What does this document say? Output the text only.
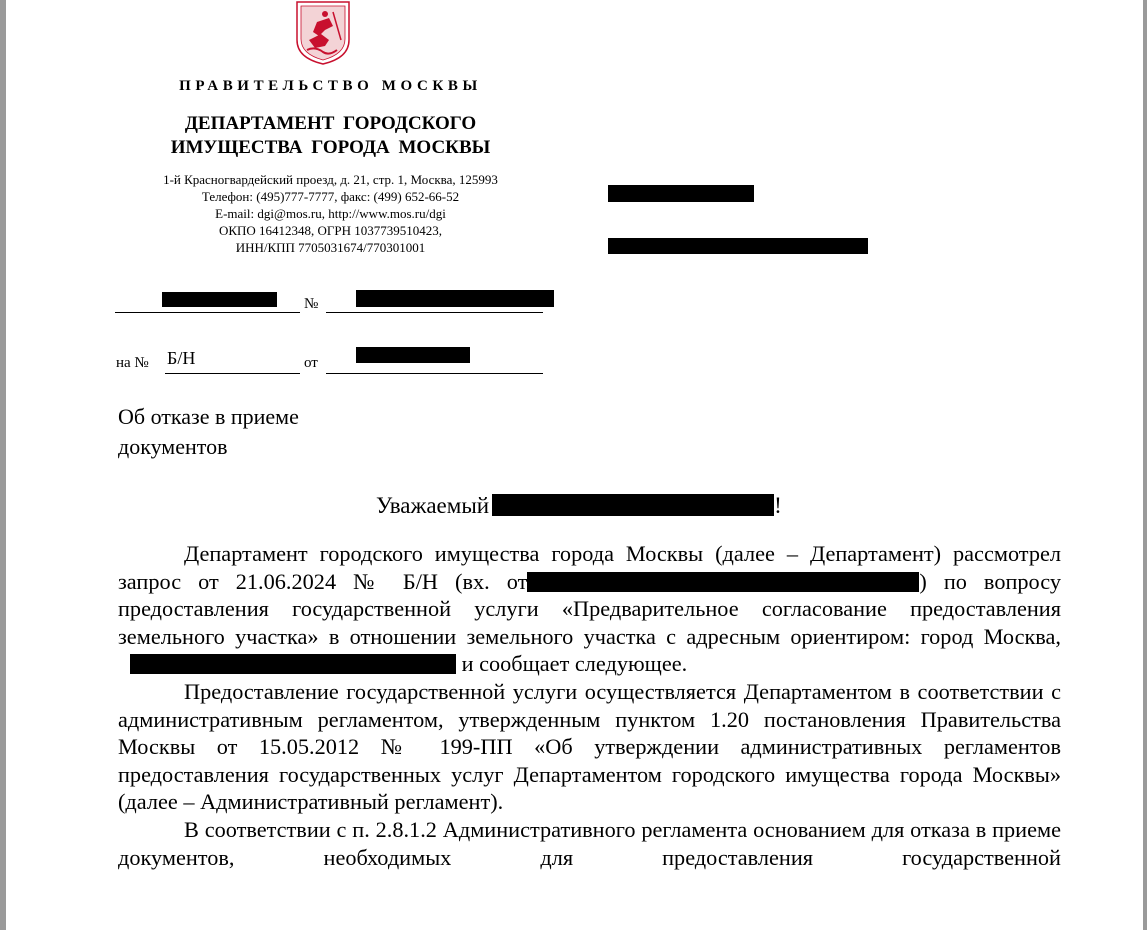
ПРАВИТЕЛЬСТВО МОСКВЫ
ДЕПАРТАМЕНТ ГОРОДСКОГО
ИМУЩЕСТВА ГОРОДА МОСКВЫ
1-й Красногвардейский проезд, д. 21, стр. 1, Москва, 125993
Телефон: (495)777-7777, факс: (499) 652-66-52
E-mail: dgi@mos.ru, http://www.mos.ru/dgi
ОКПО 16412348, ОГРН 1037739510423,
ИНН/КПП 7705031674/770301001
№
на № Б/Н	от
Об отказе в приеме
документов
Уважаемый	!

Департамент городского имущества города Москвы (далее – Департамент) рассмотрел запрос от 21.06.2024 № Б/Н (вх. от	) по вопросу предоставления государственной услуги «Предварительное согласование предоставления земельного участка» в отношении земельного участка с адресным ориентиром: город Москва, и сообщает следующее.

Предоставление государственной услуги осуществляется Департаментом в соответствии с административным регламентом, утвержденным пунктом 1.20 постановления Правительства Москвы от 15.05.2012 № 199-ПП «Об утверждении административных регламентов предоставления государственных услуг Департаментом городского имущества города Москвы» (далее – Административный регламент).

В соответствии с п. 2.8.1.2 Административного регламента основанием для отказа в приеме документов, необходимых для предоставления государственной
